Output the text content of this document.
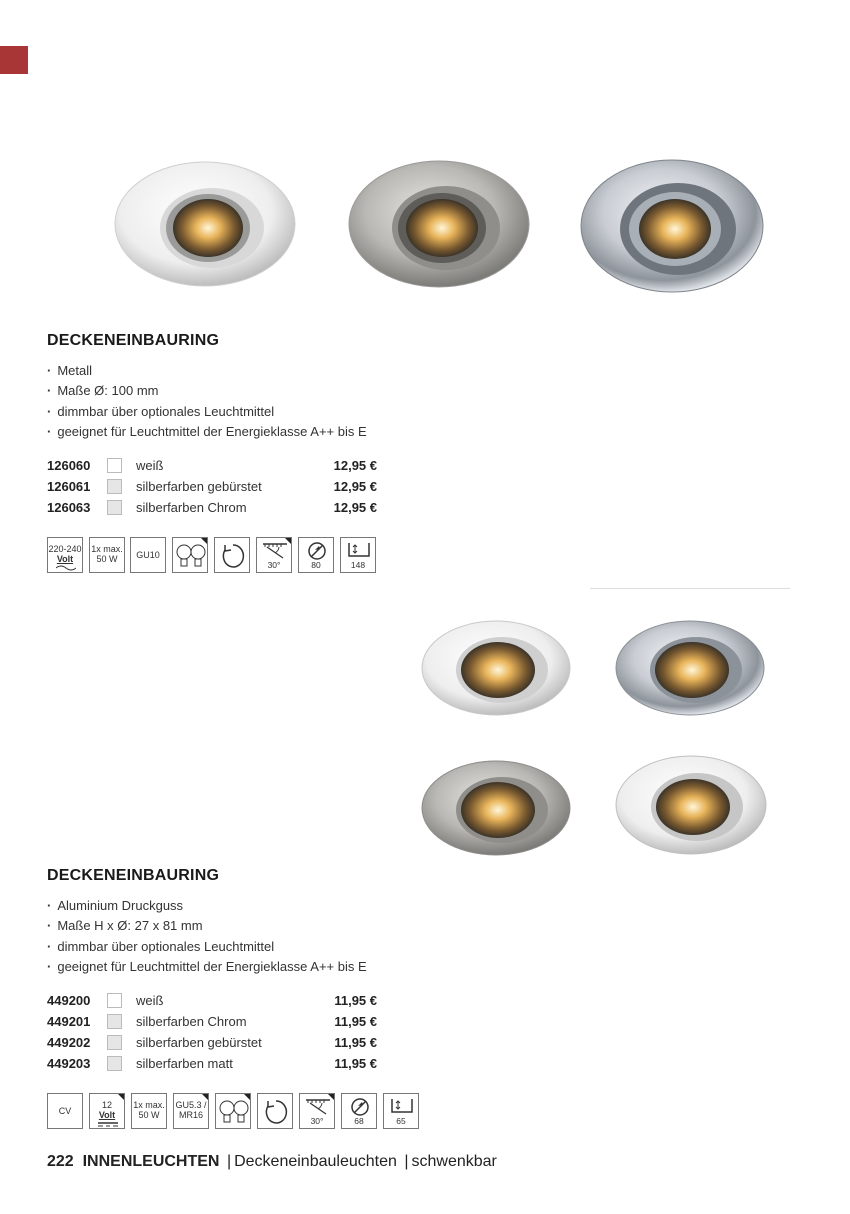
DECKENEINBAURING
· Metall
· Maße Ø: 100 mm
· dimmbar über optionales Leuchtmittel
· geeignet für Leuchtmittel der Energieklasse A++ bis E
126060	weiß	12,95 €
126061	silberfarben gebürstet	12,95 €
126063	silberfarben Chrom	12,95 €
220-240
Volt
1x max.
50 W	GU10
30°	80	148
DECKENEINBAURING
· Aluminium Druckguss
· Maße H x Ø: 27 x 81 mm
· dimmbar über optionales Leuchtmittel
· geeignet für Leuchtmittel der Energieklasse A++ bis E
449200	weiß	11,95 €
449201	silberfarben Chrom	11,95 €
449202	silberfarben gebürstet	11,95 €
449203	silberfarben matt	11,95 €
CV
12
Volt
1x max.
50 W
GU5.3 /
MR16
30°	68	65
222 INNENLEUCHTEN | Deckeneinbauleuchten | schwenkbar
